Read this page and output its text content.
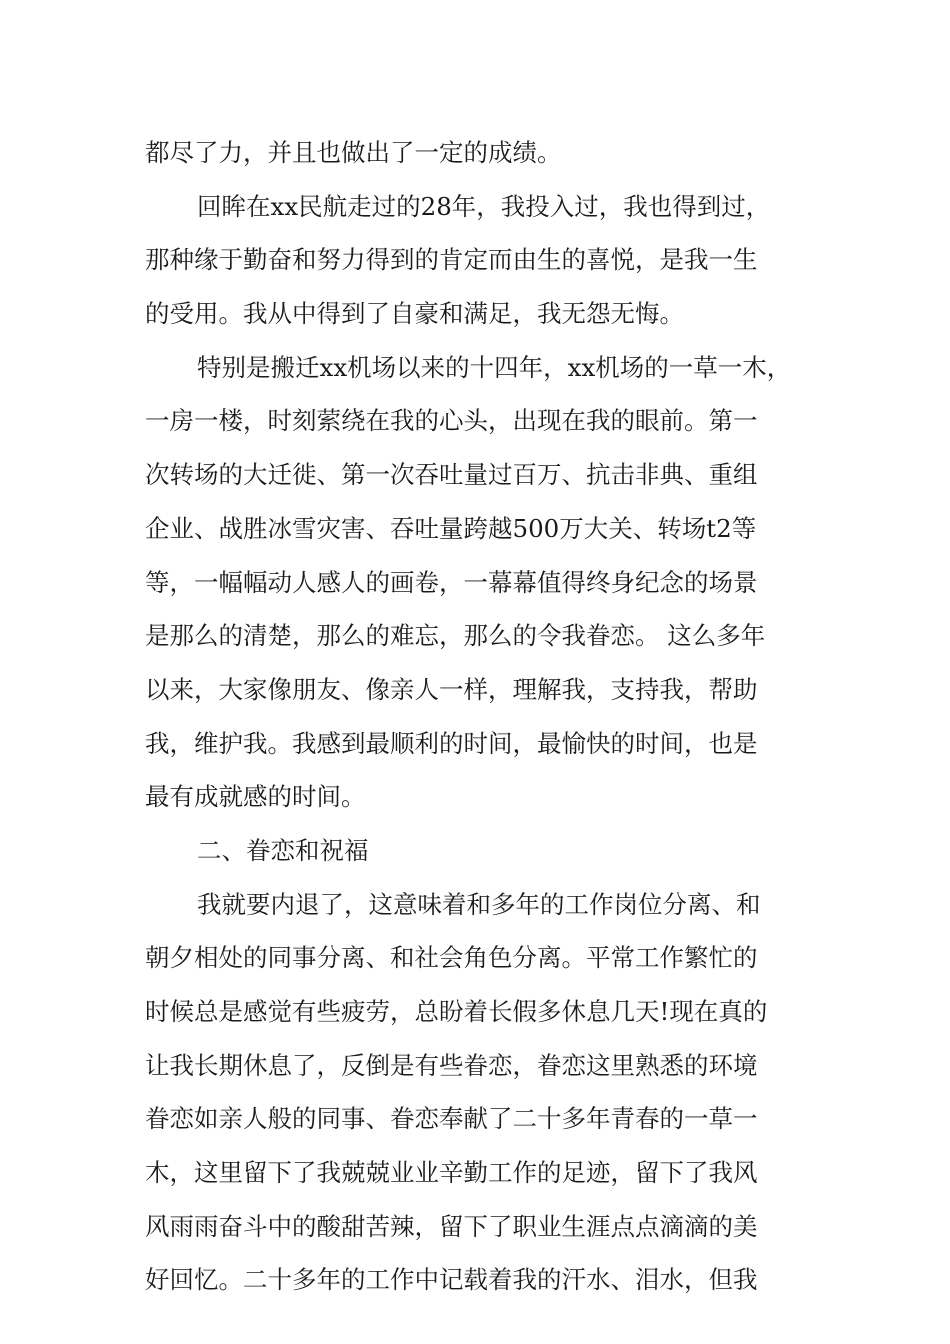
都尽了力，并且也做出了一定的成绩。
回眸在xx民航走过的28年，我投入过，我也得到过，
那种缘于勤奋和努力得到的肯定而由生的喜悦，是我一生
的受用。我从中得到了自豪和满足，我无怨无悔。
特别是搬迁xx机场以来的十四年，xx机场的一草一木，
一房一楼，时刻萦绕在我的心头，出现在我的眼前。第一
次转场的大迁徙、第一次吞吐量过百万、抗击非典、重组
企业、战胜冰雪灾害、吞吐量跨越500万大关、转场t2等
等，一幅幅动人感人的画卷，一幕幕值得终身纪念的场景
是那么的清楚，那么的难忘，那么的令我眷恋。 这么多年
以来，大家像朋友、像亲人一样，理解我，支持我，帮助
我，维护我。我感到最顺利的时间，最愉快的时间，也是
最有成就感的时间。
二、眷恋和祝福
我就要内退了，这意味着和多年的工作岗位分离、和
朝夕相处的同事分离、和社会角色分离。平常工作繁忙的
时候总是感觉有些疲劳，总盼着长假多休息几天!现在真的
让我长期休息了，反倒是有些眷恋，眷恋这里熟悉的环境
眷恋如亲人般的同事、眷恋奉献了二十多年青春的一草一
木，这里留下了我兢兢业业辛勤工作的足迹，留下了我风
风雨雨奋斗中的酸甜苦辣，留下了职业生涯点点滴滴的美
好回忆。二十多年的工作中记载着我的汗水、泪水，但我
